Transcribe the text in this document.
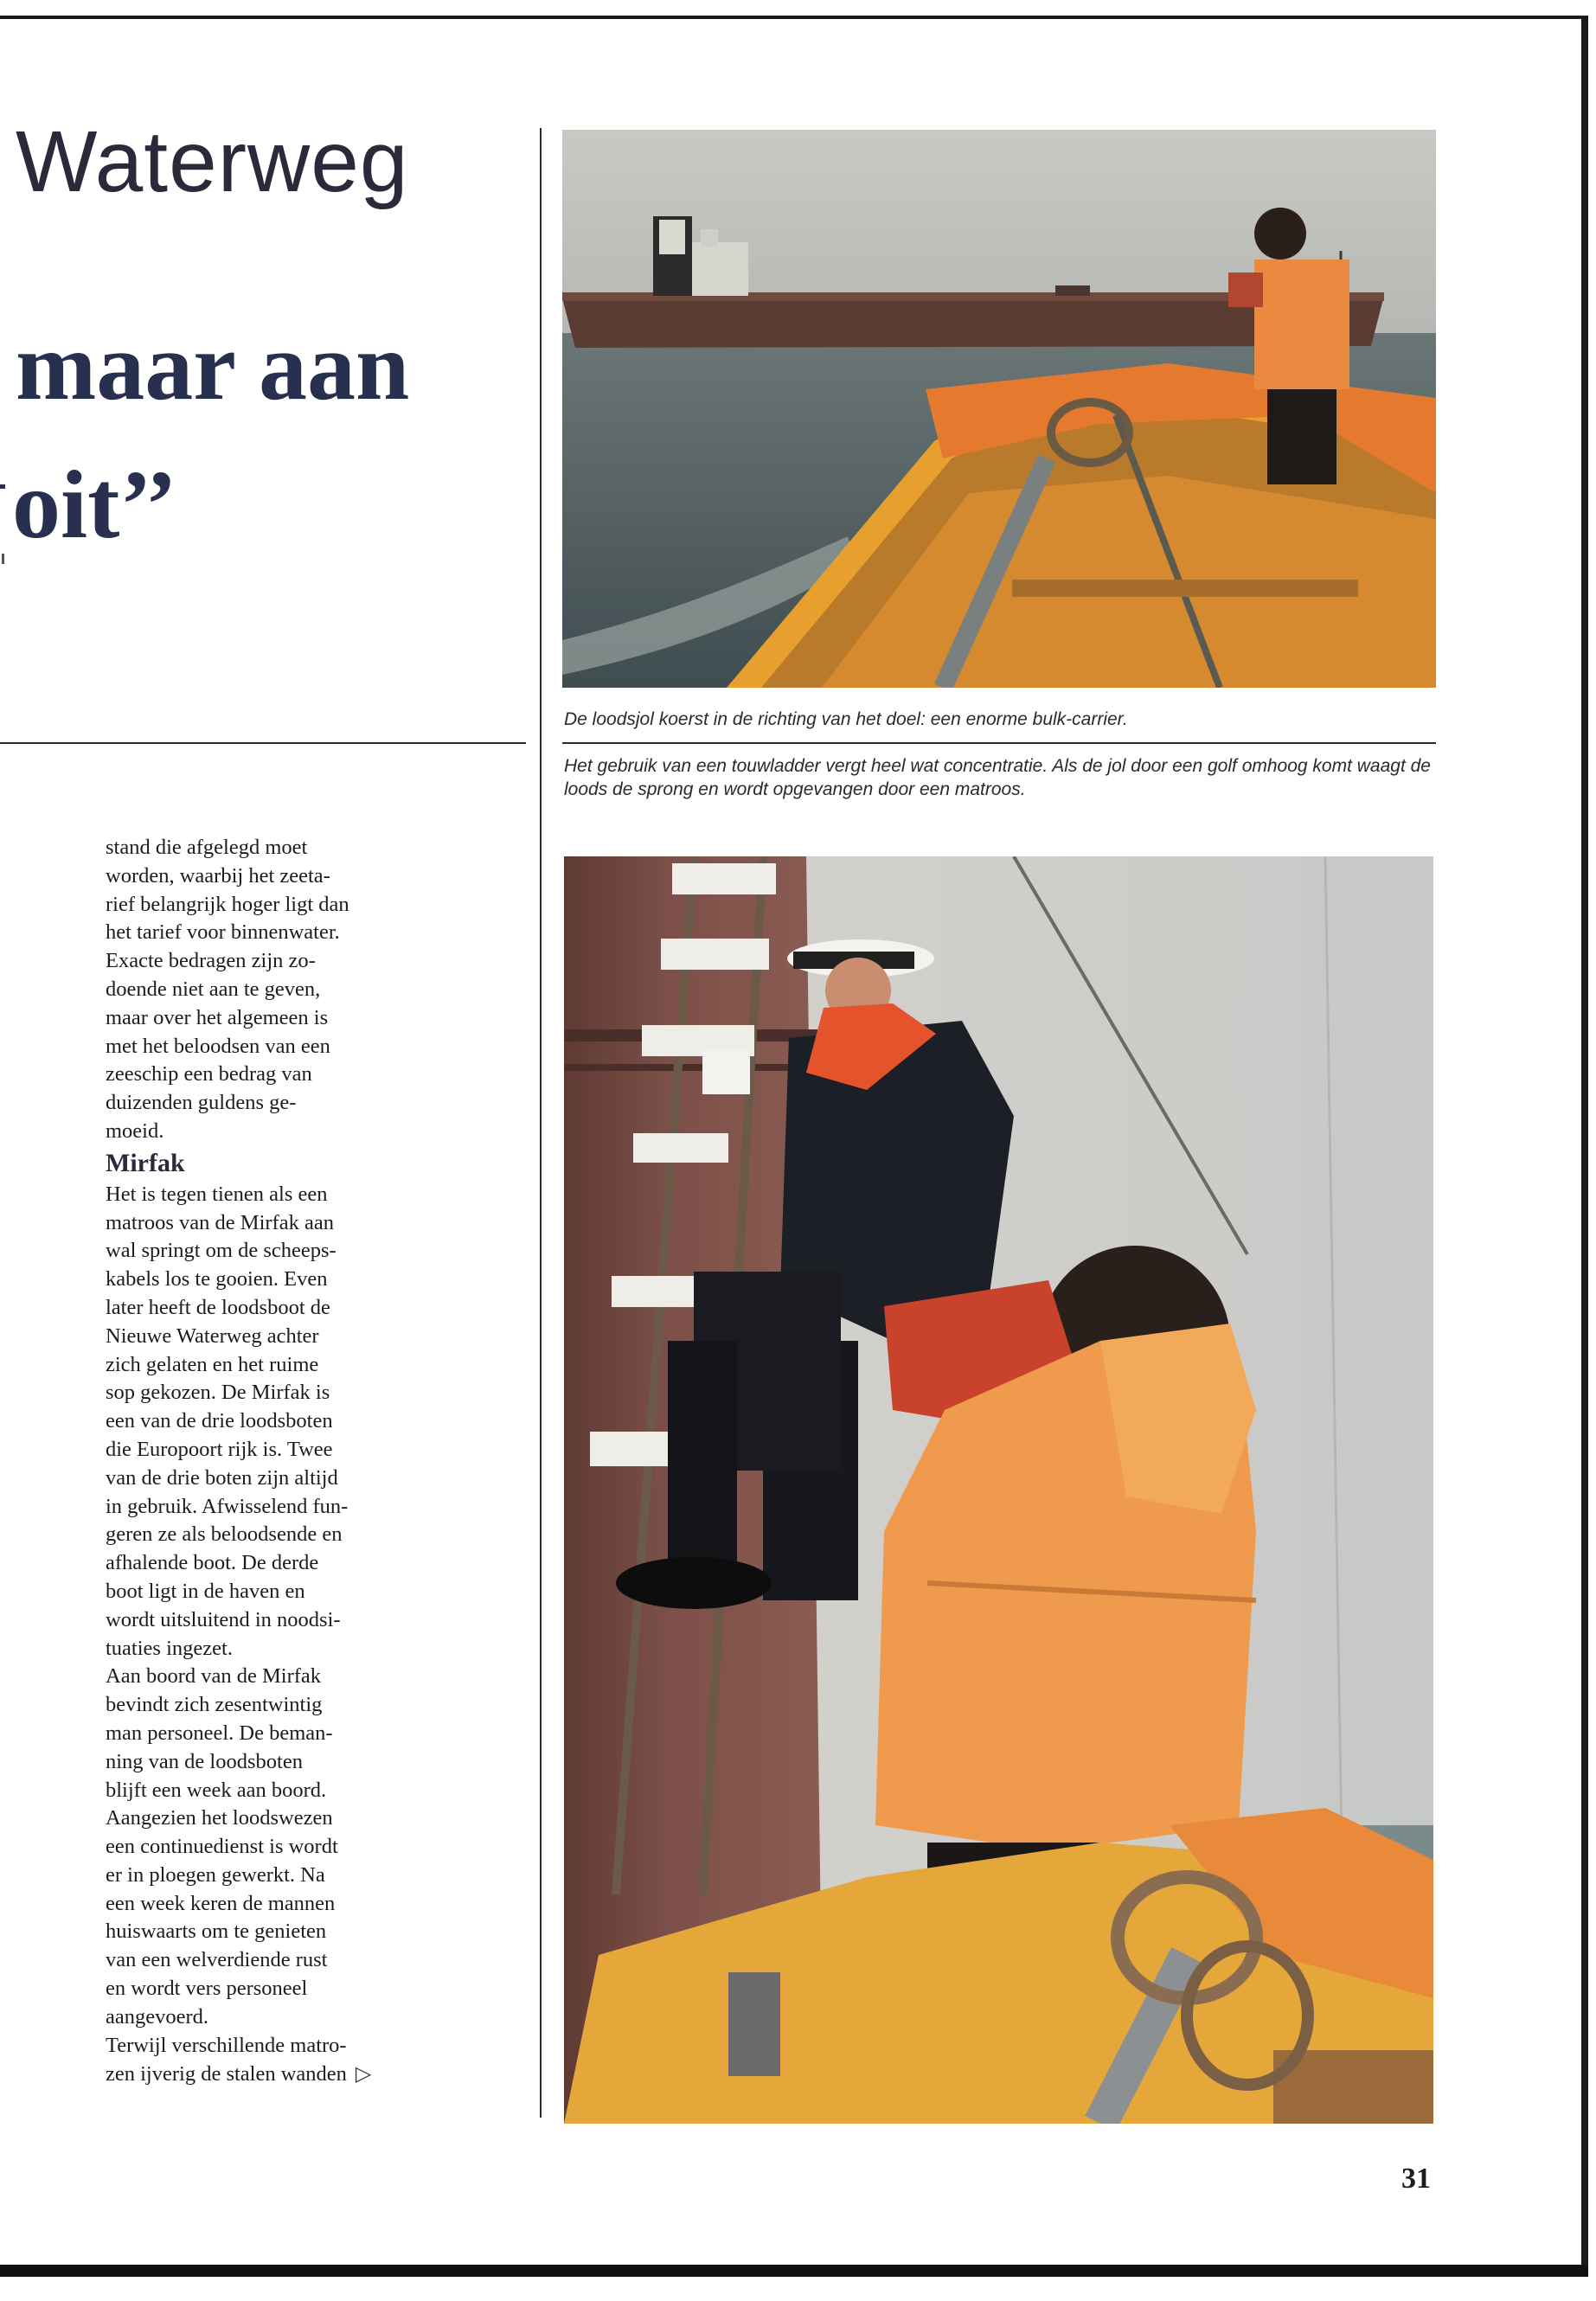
Waterweg
maar aan
oit’’

De loodsjol koerst in de richting van het doel: een enorme bulk-carrier.

Het gebruik van een touwladder vergt heel wat concentratie. Als de jol door een golf omhoog komt waagt de loods de sprong en wordt opgevangen door een matroos.

stand die afgelegd moet

worden, waarbij het zeeta-

rief belangrijk hoger ligt dan

het tarief voor binnenwater.

Exacte bedragen zijn zo-

doende niet aan te geven,

maar over het algemeen is

met het beloodsen van een

zeeschip een bedrag van

duizenden guldens ge-

moeid.

Mirfak

Het is tegen tienen als een

matroos van de Mirfak aan

wal springt om de scheeps-

kabels los te gooien. Even

later heeft de loodsboot de

Nieuwe Waterweg achter

zich gelaten en het ruime

sop gekozen. De Mirfak is

een van de drie loodsboten

die Europoort rijk is. Twee

van de drie boten zijn altijd

in gebruik. Afwisselend fun-

geren ze als beloodsende en

afhalende boot. De derde

boot ligt in de haven en

wordt uitsluitend in noodsi-

tuaties ingezet.

Aan boord van de Mirfak

bevindt zich zesentwintig

man personeel. De beman-

ning van de loodsboten

blijft een week aan boord.

Aangezien het loodswezen

een continuedienst is wordt

er in ploegen gewerkt. Na

een week keren de mannen

huiswaarts om te genieten

van een welverdiende rust

en wordt vers personeel

aangevoerd.

Terwijl verschillende matro-

zen ijverig de stalen wanden ▷

31
